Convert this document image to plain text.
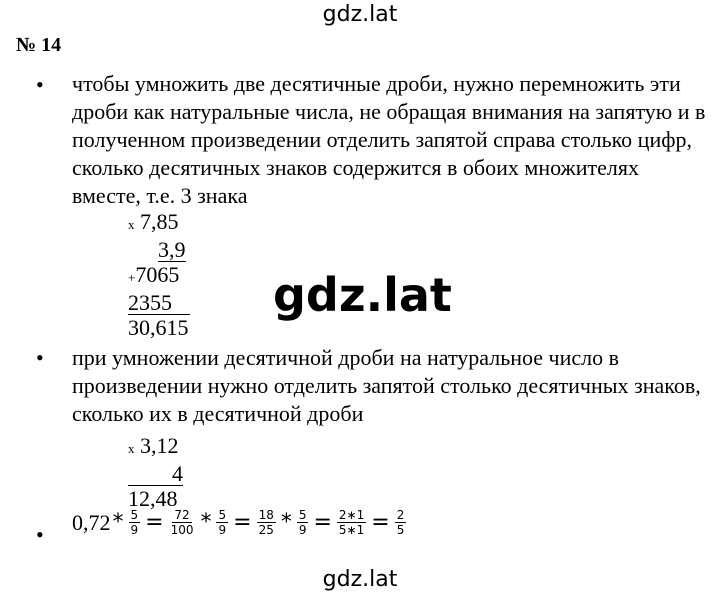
gdz.lat
№ 14
• чтобы умножить две десятичные дроби, нужно перемножить эти дроби как натуральные числа, не обращая внимания на запятую и в полученном произведении отделить запятой справа столько цифр, сколько десятичных знаков содержится в обоих множителях вместе, т.е. 3 знака
x 7,85
3,9
+7065
2355
30,615
gdz.lat
• при умножении десятичной дроби на натуральное число в произведении нужно отделить запятой столько десятичных знаков, сколько их в десятичной дроби
x 3,12
4
12,48
• $0,72 * \frac{5}{9} = \frac{72}{100} * \frac{5}{9} = \frac{18}{25} * \frac{5}{9} = \frac{2∗1}{5∗1} = \frac{2}{5}$
gdz.lat
